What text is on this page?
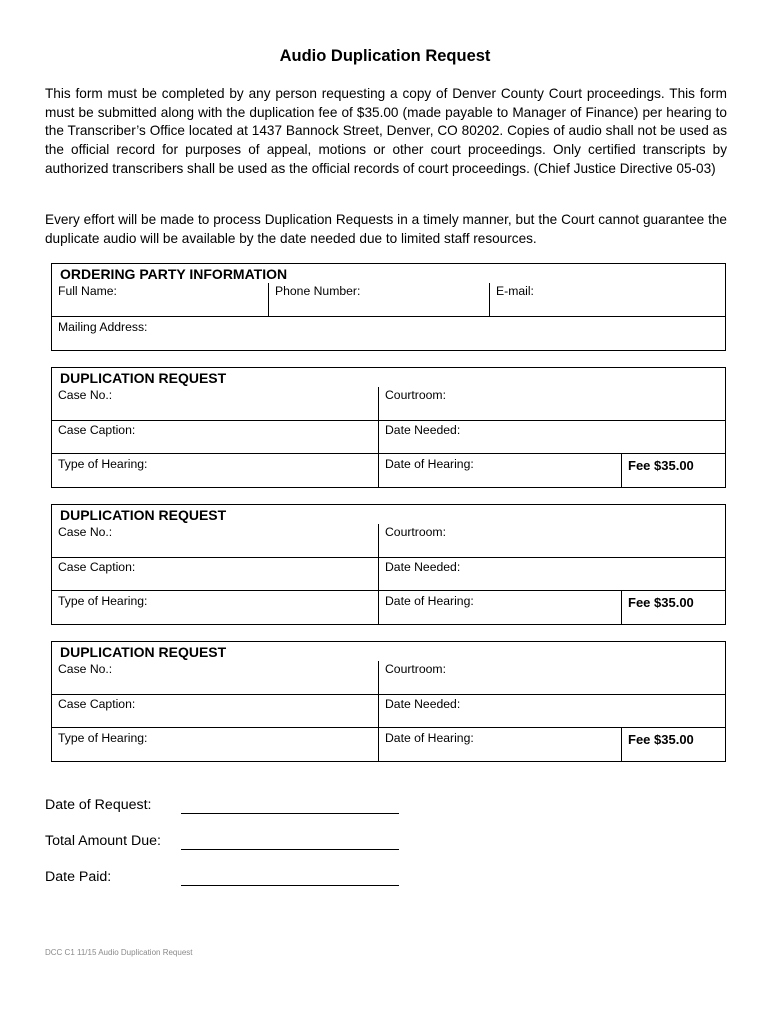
Audio Duplication Request

This form must be completed by any person requesting a copy of Denver County Court proceedings. This form must be submitted along with the duplication fee of $35.00 (made payable to Manager of Finance) per hearing to the Transcriber’s Office located at 1437 Bannock Street, Denver, CO 80202. Copies of audio shall not be used as the official record for purposes of appeal, motions or other court proceedings. Only certified transcripts by authorized transcribers shall be used as the official records of court proceedings. (Chief Justice Directive 05-03)

Every effort will be made to process Duplication Requests in a timely manner, but the Court cannot guarantee the duplicate audio will be available by the date needed due to limited staff resources.

ORDERING PARTY INFORMATION
Full Name:	Phone Number:	E-mail:
Mailing Address:
DUPLICATION REQUEST		
Case No.:	Courtroom:	
Case Caption:	Date Needed:	
Type of Hearing:	Date of Hearing:	Fee $35.00
DUPLICATION REQUEST		
Case No.:	Courtroom:	
Case Caption:	Date Needed:	
Type of Hearing:	Date of Hearing:	Fee $35.00
DUPLICATION REQUEST		
Case No.:	Courtroom:	
Case Caption:	Date Needed:	
Type of Hearing:	Date of Hearing:	Fee $35.00
Date of Request:
Total Amount Due:
Date Paid:
DCC C1 11/15 Audio Duplication Request
